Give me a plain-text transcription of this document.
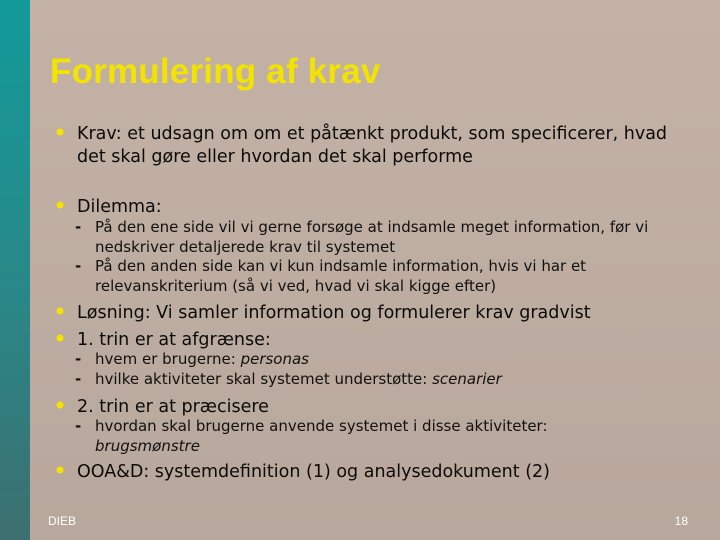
Formulering af krav
• Krav: et udsagn om om et påtænkt produkt, som specificerer, hvad det skal gøre eller hvordan det skal performe
• Dilemma:
- På den ene side vil vi gerne forsøge at indsamle meget information, før vi nedskriver detaljerede krav til systemet
- På den anden side kan vi kun indsamle information, hvis vi har et relevanskriterium (så vi ved, hvad vi skal kigge efter)
• Løsning: Vi samler information og formulerer krav gradvist
• 1. trin er at afgrænse:
- hvem er brugerne: personas
- hvilke aktiviteter skal systemet understøtte: scenarier
• 2. trin er at præcisere
- hvordan skal brugerne anvende systemet i disse aktiviteter: brugsmønstre
• OOA&D: systemdefinition (1) og analysedokument (2)
DIEB	18
